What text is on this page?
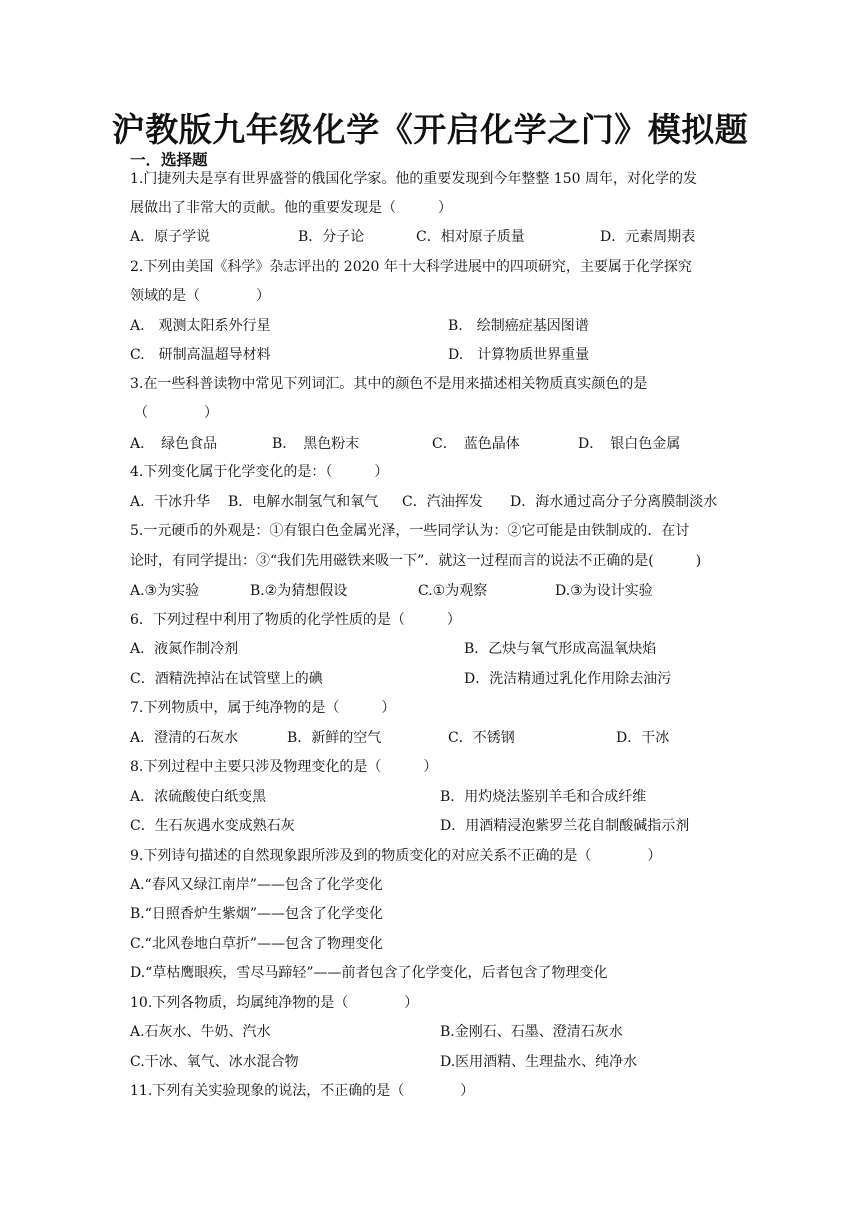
沪教版九年级化学《开启化学之门》模拟题
一．选择题
1.门捷列夫是享有世界盛誉的俄国化学家。他的重要发现到今年整整 150 周年，对化学的发
展做出了非常大的贡献。他的重要发现是（　　　）
A．原子学说	B．分子论	C．相对原子质量	D．元素周期表
2.下列由美国《科学》杂志评出的 2020 年十大科学进展中的四项研究，主要属于化学探究
领域的是（　　　　）
A.　观测太阳系外行星	B.　绘制癌症基因图谱
C.　研制高温超导材料	D.　计算物质世界重量
3.在一些科普读物中常见下列词汇。其中的颜色不是用来描述相关物质真实颜色的是
（　　　　）
A．　绿色食品	B．　黑色粉末	C．　蓝色晶体	D．　银白色金属
4.下列变化属于化学变化的是：（　　　）
A．干冰升华 B．电解水制氢气和氧气 C．汽油挥发 D．海水通过高分子分离膜制淡水
5.一元硬币的外观是：①有银白色金属光泽，一些同学认为：②它可能是由铁制成的．在讨
论时，有同学提出：③“我们先用磁铁来吸一下”．就这一过程而言的说法不正确的是(　　　)
A.③为实验	B.②为猜想假设	C.①为观察	D.③为设计实验
6．下列过程中利用了物质的化学性质的是（　　　）
A．液氮作制冷剂	B．乙炔与氧气形成高温氧炔焰
C．酒精洗掉沾在试管壁上的碘	D．洗洁精通过乳化作用除去油污
7.下列物质中，属于纯净物的是（　　　）
A．澄清的石灰水	B．新鲜的空气	C．不锈钢	D．干冰
8.下列过程中主要只涉及物理变化的是（　　　）
A．浓硫酸使白纸变黑	B．用灼烧法鉴别羊毛和合成纤维
C．生石灰遇水变成熟石灰	D．用酒精浸泡紫罗兰花自制酸碱指示剂
9.下列诗句描述的自然现象跟所涉及到的物质变化的对应关系不正确的是（　　　　）
A.“春风又绿江南岸”——包含了化学变化
B.“日照香炉生紫烟”——包含了化学变化
C.“北风卷地白草折”——包含了物理变化
D.“草枯鹰眼疾，雪尽马蹄轻”——前者包含了化学变化，后者包含了物理变化
10.下列各物质，均属纯净物的是（　　　　）
A.石灰水、牛奶、汽水	B.金刚石、石墨、澄清石灰水
C.干冰、氧气、冰水混合物	D.医用酒精、生理盐水、纯净水
11.下列有关实验现象的说法，不正确的是（　　　　）
